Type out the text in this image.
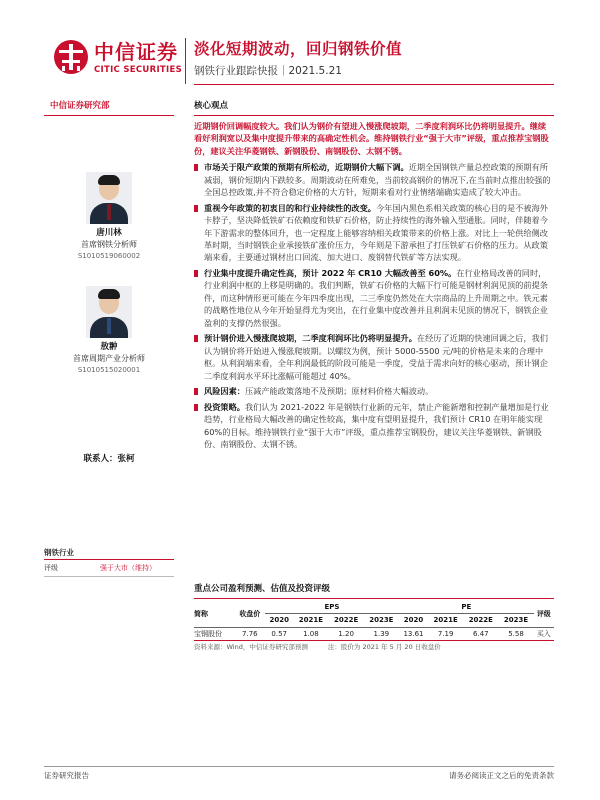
中信证券
CITIC SECURITIES
淡化短期波动，回归钢铁价值
钢铁行业跟踪快报｜2021.5.21
中信证券研究部
唐川林
首席钢铁分析师
S1010519060002
敖翀
首席周期产业分析师
S1010515020001
联系人：张柯
钢铁行业
评级	强于大市（维持）
核心观点
近期钢价回调幅度较大。我们认为钢价有望进入慢涨爬坡期，二季度利润环比仍将明显提升。继续看好利润宽以及集中度提升带来的高确定性机会。维持钢铁行业“强于大市”评级，重点推荐宝钢股份，建议关注华菱钢铁、新钢股份、南钢股份、太钢不锈。
市场关于限产政策的预期有所松动，近期钢价大幅下调。近期全国钢铁产量总控政策的预期有所减弱，钢价短期内下跌较多。周期波动在所难免，当前较高钢价的情况下,在当前时点推出较强的全国总控政策,并不符合稳定价格的大方针，短期来看对行业情绪端确实造成了较大冲击。
重视今年政策的初衷目的和行业持续性的改变。今年国内黑色系相关政策的核心目的是不被海外卡脖子，坚决降低铁矿石依赖度和铁矿石价格，防止持续性的海外输入型通胀。同时，伴随着今年下游需求的整体回升，也一定程度上能够容纳相关政策带来的价格上涨。对比上一轮供给侧改革时期，当时钢铁企业承接铁矿涨价压力，今年则是下游承担了打压铁矿石价格的压力。从政策端来看，主要通过钢材出口回流、加大进口、废钢替代铁矿等方法实现。
行业集中度提升确定性高，预计 2022 年 CR10 大幅改善至 60%。在行业格局改善的同时，行业利润中枢的上移是明确的。我们判断，铁矿石价格的大幅下行可能是钢材利润见顶的前提条件，而这种情形更可能在今年四季度出现，二三季度仍然处在大宗商品的上升周期之中。铁元素的战略性地位从今年开始显得尤为突出，在行业集中度改善并且利润未见顶的情况下，钢铁企业盈利的支撑仍然很强。
预计钢价进入慢涨爬坡期，二季度利润环比仍将明显提升。在经历了近期的快速回调之后，我们认为钢价将开始进入慢涨爬坡期。以螺纹为例，预计 5000-5500 元/吨的价格是未来的合理中枢。从利润端来看，全年利润最低的阶段可能是一季度，受益于需求向好的核心驱动，预计钢企二季度利润水平环比涨幅可能超过 40%。
风险因素：压减产能政策落地不及预期；原材料价格大幅波动。
投资策略。我们认为 2021-2022 年是钢铁行业新的元年，禁止产能新增和控制产量增加是行业趋势，行业格局大幅改善的确定性较高，集中度有望明显提升，我们预计 CR10 在明年能实现 60%的目标。维持钢铁行业“强于大市”评级，重点推荐宝钢股份，建议关注华菱钢铁、新钢股份、南钢股份、太钢不锈。
重点公司盈利预测、估值及投资评级
简称	收盘价	EPS				PE				评级
		2020	2021E	2022E	2023E	2020	2021E	2022E	2023E	
宝钢股份	7.76	0.57	1.08	1.20	1.39	13.61	7.19	6.47	5.58	买入
资料来源：Wind，中信证券研究部预测	注：股价为 2021 年 5 月 20 日收盘价
证券研究报告	请务必阅读正文之后的免责条款
